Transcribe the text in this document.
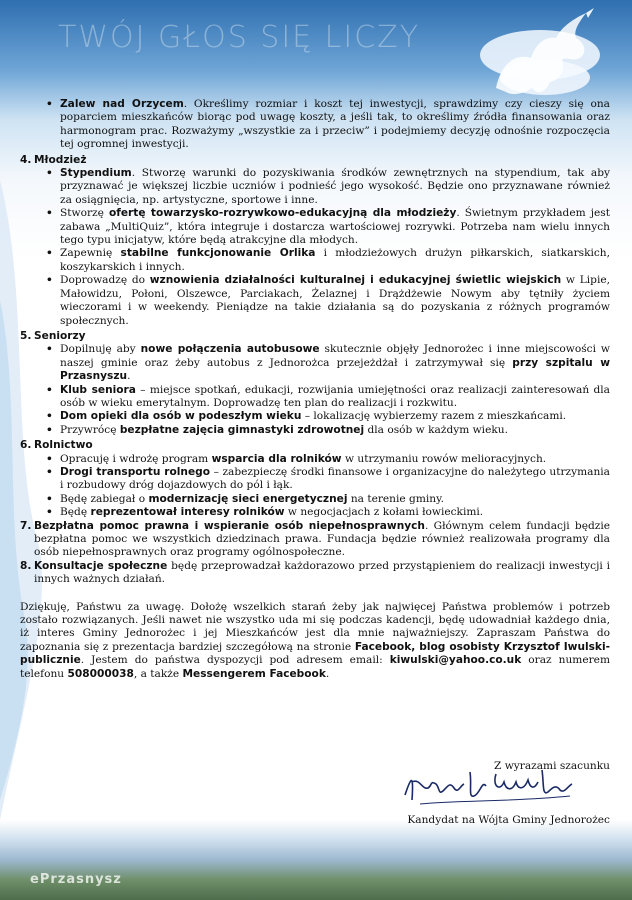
TWÓJ GŁOS SIĘ LICZY
• Zalew nad Orzycem. Określimy rozmiar i koszt tej inwestycji, sprawdzimy czy cieszy się ona poparciem mieszkańców biorąc pod uwagę koszty, a jeśli tak, to określimy źródła finansowania oraz harmonogram prac. Rozważymy „wszystkie za i przeciw” i podejmiemy decyzję odnośnie rozpoczęcia tej ogromnej inwestycji.
4. Młodzież
• Stypendium. Stworzę warunki do pozyskiwania środków zewnętrznych na stypendium, tak aby przyznawać je większej liczbie uczniów i podnieść jego wysokość. Będzie ono przyznawane również za osiągnięcia, np. artystyczne, sportowe i inne.
• Stworzę ofertę towarzysko-rozrywkowo-edukacyjną dla młodzieży. Świetnym przykładem jest zabawa „MultiQuiz”, która integruje i dostarcza wartościowej rozrywki. Potrzeba nam wielu innych tego typu inicjatyw, które będą atrakcyjne dla młodych.
• Zapewnię stabilne funkcjonowanie Orlika i młodzieżowych drużyn piłkarskich, siatkarskich, koszykarskich i innych.
• Doprowadzę do wznowienia działalności kulturalnej i edukacyjnej świetlic wiejskich w Lipie, Małowidzu, Połoni, Olszewce, Parciakach, Żelaznej i Drążdżewie Nowym aby tętniły życiem wieczorami i w weekendy. Pieniądze na takie działania są do pozyskania z różnych programów społecznych.
5. Seniorzy
• Dopilnuję aby nowe połączenia autobusowe skutecznie objęły Jednorożec i inne miejscowości w naszej gminie oraz żeby autobus z Jednorożca przejeżdżał i zatrzymywał się przy szpitalu w Przasnyszu.
• Klub seniora – miejsce spotkań, edukacji, rozwijania umiejętności oraz realizacji zainteresowań dla osób w wieku emerytalnym. Doprowadzę ten plan do realizacji i rozkwitu.
• Dom opieki dla osób w podeszłym wieku – lokalizację wybierzemy razem z mieszkańcami.
• Przywrócę bezpłatne zajęcia gimnastyki zdrowotnej dla osób w każdym wieku.
6. Rolnictwo
• Opracuję i wdrożę program wsparcia dla rolników w utrzymaniu rowów melioracyjnych.
• Drogi transportu rolnego – zabezpieczę środki finansowe i organizacyjne do należytego utrzymania i rozbudowy dróg dojazdowych do pól i łąk.
• Będę zabiegał o modernizację sieci energetycznej na terenie gminy.
• Będę reprezentował interesy rolników w negocjacjach z kołami łowieckimi.
7. Bezpłatna pomoc prawna i wspieranie osób niepełnosprawnych. Głównym celem fundacji będzie bezpłatna pomoc we wszystkich dziedzinach prawa. Fundacja będzie również realizowała programy dla osób niepełnosprawnych oraz programy ogólnospołeczne.
8. Konsultacje społeczne będę przeprowadzał każdorazowo przed przystąpieniem do realizacji inwestycji i innych ważnych działań.
Dziękuję, Państwu za uwagę. Dołożę wszelkich starań żeby jak najwięcej Państwa problemów i potrzeb zostało rozwiązanych. Jeśli nawet nie wszystko uda mi się podczas kadencji, będę udowadniał każdego dnia, iż interes Gminy Jednorożec i jej Mieszkańców jest dla mnie najważniejszy. Zapraszam Państwa do zapoznania się z prezentacja bardziej szczegółową na stronie Facebook, blog osobisty Krzysztof Iwulski-publicznie. Jestem do państwa dyspozycji pod adresem email: kiwulski@yahoo.co.uk oraz numerem telefonu 508000038, a także Messengerem Facebook.
Z wyrazami szacunku
Kandydat na Wójta Gminy Jednorożec
ePrzasnysz
